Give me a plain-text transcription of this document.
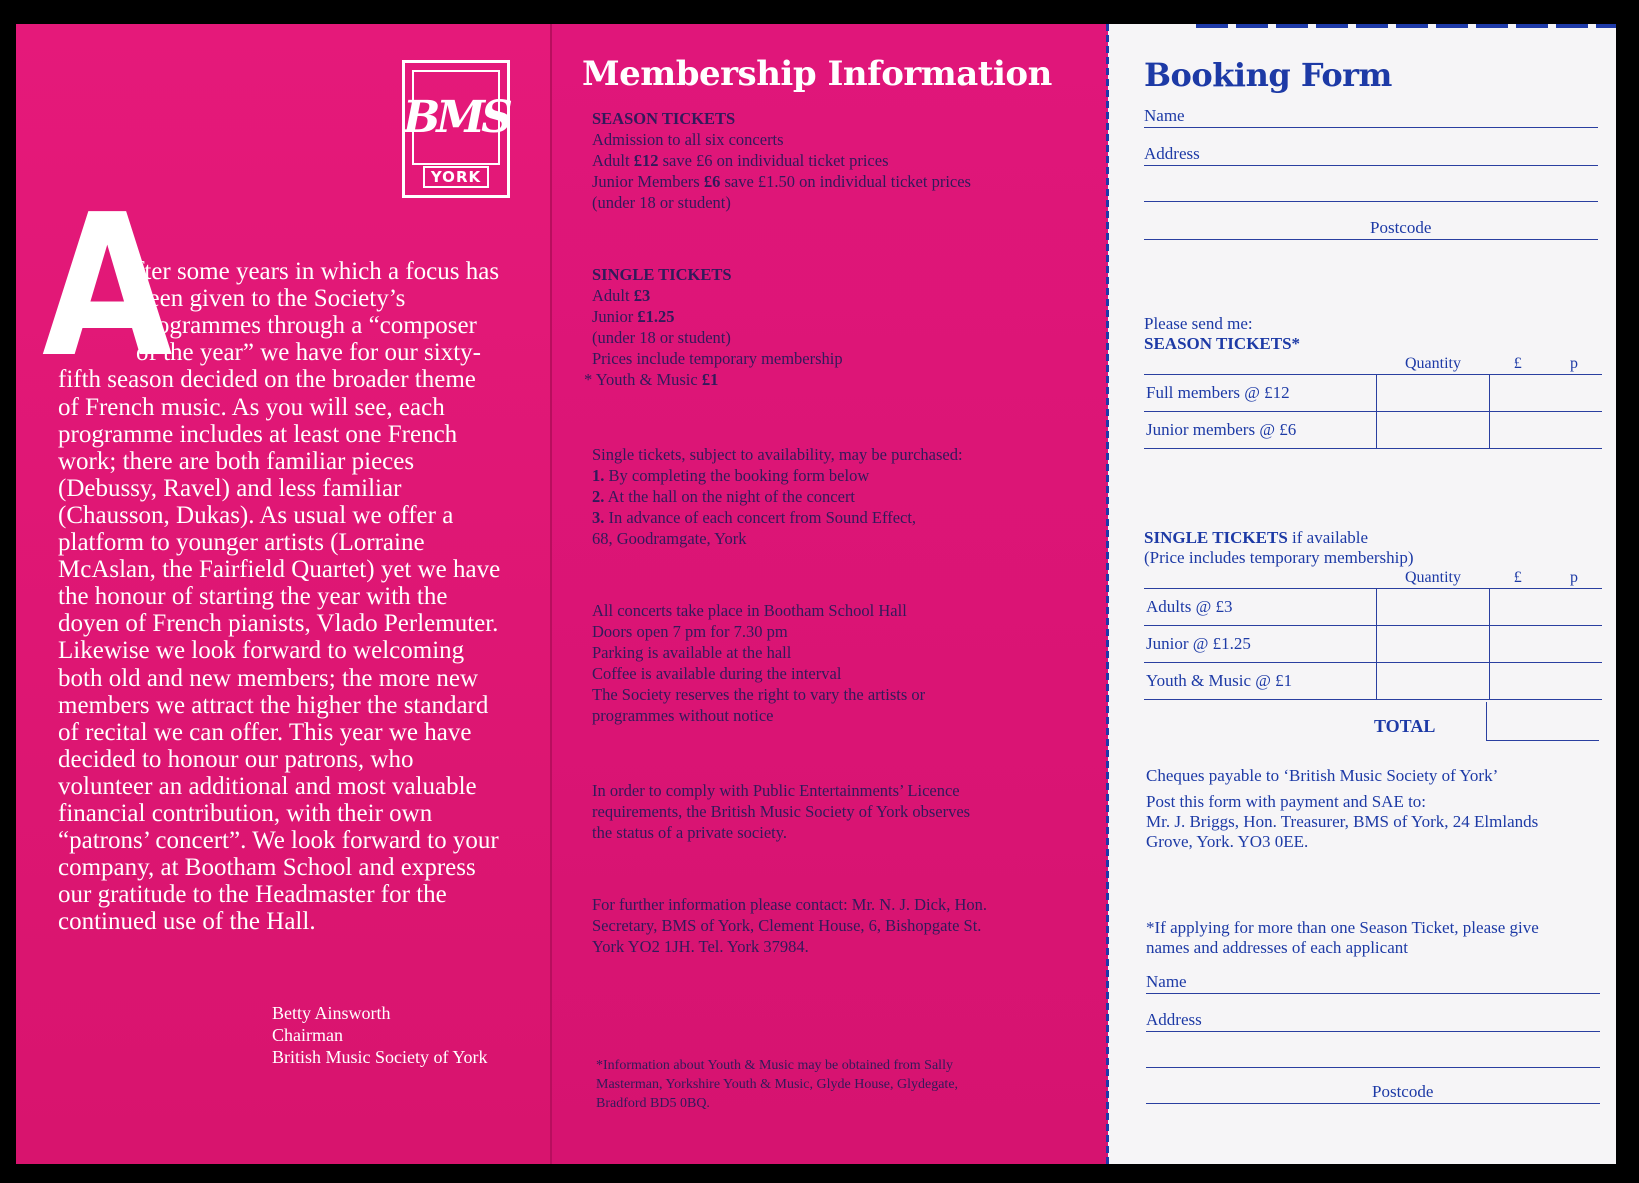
BMS
YORK
A
fter some years in which a focus has
been given to the Society’s
programmes through a “composer
of the year” we have for our sixty-
fifth season decided on the broader theme
of French music. As you will see, each
programme includes at least one French
work; there are both familiar pieces
(Debussy, Ravel) and less familiar
(Chausson, Dukas). As usual we offer a
platform to younger artists (Lorraine
McAslan, the Fairfield Quartet) yet we have
the honour of starting the year with the
doyen of French pianists, Vlado Perlemuter.
Likewise we look forward to welcoming
both old and new members; the more new
members we attract the higher the standard
of recital we can offer. This year we have
decided to honour our patrons, who
volunteer an additional and most valuable
financial contribution, with their own
“patrons’ concert”. We look forward to your
company, at Bootham School and express
our gratitude to the Headmaster for the
continued use of the Hall.
Betty Ainsworth
Chairman
British Music Society of York
Membership Information
SEASON TICKETS
Admission to all six concerts
Adult £12 save £6 on individual ticket prices
Junior Members £6 save £1.50 on individual ticket prices
(under 18 or student)
SINGLE TICKETS
Adult £3
Junior £1.25
(under 18 or student)
Prices include temporary membership
* Youth & Music £1
Single tickets, subject to availability, may be purchased:
1. By completing the booking form below
2. At the hall on the night of the concert
3. In advance of each concert from Sound Effect,
68, Goodramgate, York
All concerts take place in Bootham School Hall
Doors open 7 pm for 7.30 pm
Parking is available at the hall
Coffee is available during the interval
The Society reserves the right to vary the artists or
programmes without notice
In order to comply with Public Entertainments’ Licence
requirements, the British Music Society of York observes
the status of a private society.
For further information please contact: Mr. N. J. Dick, Hon.
Secretary, BMS of York, Clement House, 6, Bishopgate St.
York YO2 1JH. Tel. York 37984.
*Information about Youth & Music may be obtained from Sally
Masterman, Yorkshire Youth & Music, Glyde House, Glydegate,
Bradford BD5 0BQ.
Booking Form
Name
Address
Postcode
Please send me:
SEASON TICKETS*
	Quantity	£	p
Full members @ £12			
Junior members @ £6			
SINGLE TICKETS if available
(Price includes temporary membership)
	Quantity	£	p
Adults @ £3			
Junior @ £1.25			
Youth & Music @ £1			
TOTAL
Cheques payable to ‘British Music Society of York’
Post this form with payment and SAE to:
Mr. J. Briggs, Hon. Treasurer, BMS of York, 24 Elmlands
Grove, York. YO3 0EE.
*If applying for more than one Season Ticket, please give
names and addresses of each applicant
Name
Address
Postcode
